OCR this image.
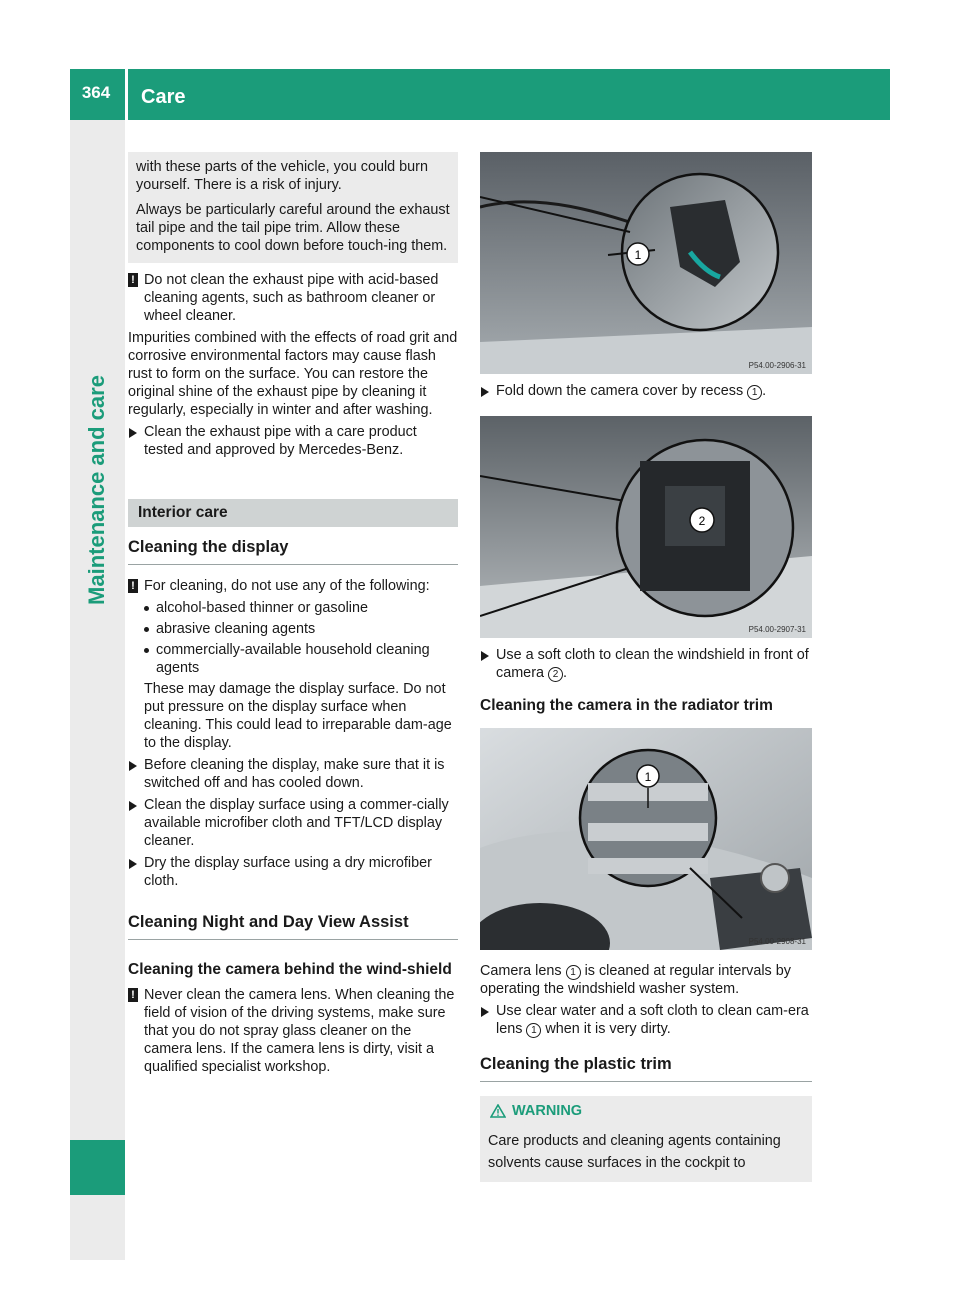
364	Care
Maintenance and care

with these parts of the vehicle, you could burn yourself. There is a risk of injury.

Always be particularly careful around the exhaust tail pipe and the tail pipe trim. Allow these components to cool down before touch-ing them.

! Do not clean the exhaust pipe with acid-based cleaning agents, such as bathroom cleaner or wheel cleaner.

Impurities combined with the effects of road grit and corrosive environmental factors may cause flash rust to form on the surface. You can restore the original shine of the exhaust pipe by cleaning it regularly, especially in winter and after washing.

Clean the exhaust pipe with a care product tested and approved by Mercedes-Benz.
Interior care
Cleaning the display
! For cleaning, do not use any of the following:
alcohol-based thinner or gasoline
abrasive cleaning agents
commercially-available household cleaning agents

These may damage the display surface. Do not put pressure on the display surface when cleaning. This could lead to irreparable dam-age to the display.

Before cleaning the display, make sure that it is switched off and has cooled down.
Clean the display surface using a commer-cially available microfiber cloth and TFT/LCD display cleaner.
Dry the display surface using a dry microfiber cloth.
Cleaning Night and Day View Assist
Cleaning the camera behind the wind-shield
! Never clean the camera lens. When cleaning the field of vision of the driving systems, make sure that you do not spray glass cleaner on the camera lens. If the camera lens is dirty, visit a qualified specialist workshop.
1
P54.00-2906-31
Fold down the camera cover by recess 1 .
2
P54.00-2907-31
Use a soft cloth to clean the windshield in front of camera 2 .
Cleaning the camera in the radiator trim
1
P54.00-2908-31

Camera lens 1 is cleaned at regular intervals by operating the windshield washer system.

Use clear water and a soft cloth to clean cam-era lens 1 when it is very dirty.
Cleaning the plastic trim
WARNING

Care products and cleaning agents containing solvents cause surfaces in the cockpit to
